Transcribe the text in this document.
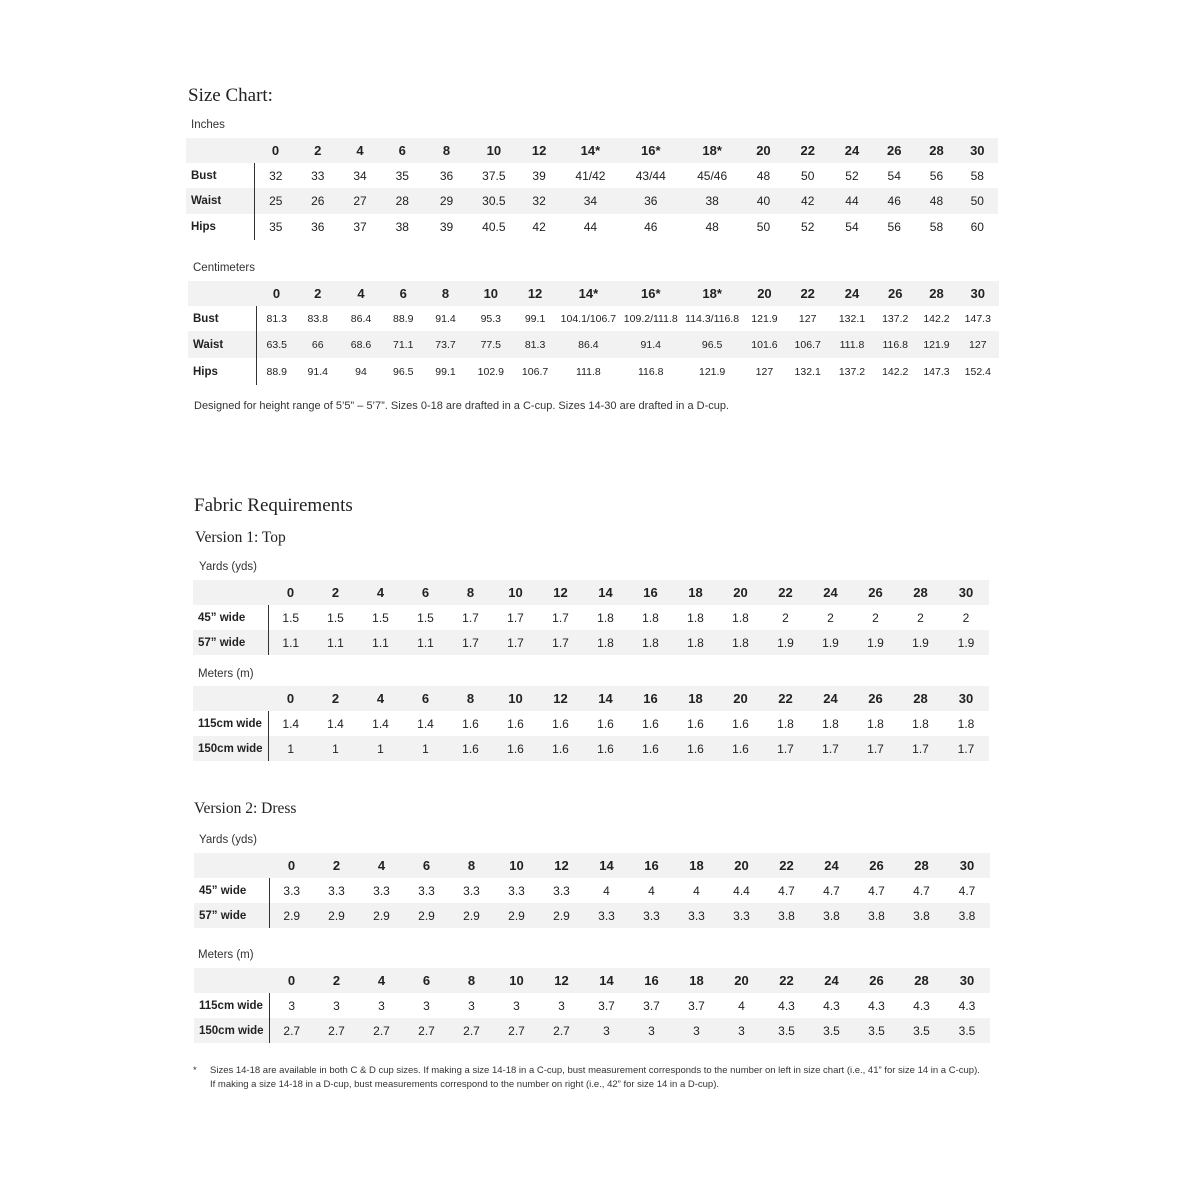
Size Chart:
Inches
	0	2	4	6	8	10	12	14*	16*	18*	20	22	24	26	28	30
Bust	32	33	34	35	36	37.5	39	41/42	43/44	45/46	48	50	52	54	56	58
Waist	25	26	27	28	29	30.5	32	34	36	38	40	42	44	46	48	50
Hips	35	36	37	38	39	40.5	42	44	46	48	50	52	54	56	58	60
Centimeters
	0	2	4	6	8	10	12	14*	16*	18*	20	22	24	26	28	30
Bust	81.3	83.8	86.4	88.9	91.4	95.3	99.1	104.1/106.7	109.2/111.8	114.3/116.8	121.9	127	132.1	137.2	142.2	147.3
Waist	63.5	66	68.6	71.1	73.7	77.5	81.3	86.4	91.4	96.5	101.6	106.7	111.8	116.8	121.9	127
Hips	88.9	91.4	94	96.5	99.1	102.9	106.7	111.8	116.8	121.9	127	132.1	137.2	142.2	147.3	152.4
Designed for height range of 5’5” – 5’7”. Sizes 0-18 are drafted in a C-cup. Sizes 14-30 are drafted in a D-cup.
Fabric Requirements
Version 1: Top
Yards (yds)
	0	2	4	6	8	10	12	14	16	18	20	22	24	26	28	30
45” wide	1.5	1.5	1.5	1.5	1.7	1.7	1.7	1.8	1.8	1.8	1.8	2	2	2	2	2
57” wide	1.1	1.1	1.1	1.1	1.7	1.7	1.7	1.8	1.8	1.8	1.8	1.9	1.9	1.9	1.9	1.9
Meters (m)
	0	2	4	6	8	10	12	14	16	18	20	22	24	26	28	30
115cm wide	1.4	1.4	1.4	1.4	1.6	1.6	1.6	1.6	1.6	1.6	1.6	1.8	1.8	1.8	1.8	1.8
150cm wide	1	1	1	1	1.6	1.6	1.6	1.6	1.6	1.6	1.6	1.7	1.7	1.7	1.7	1.7
Version 2: Dress
Yards (yds)
	0	2	4	6	8	10	12	14	16	18	20	22	24	26	28	30
45” wide	3.3	3.3	3.3	3.3	3.3	3.3	3.3	4	4	4	4.4	4.7	4.7	4.7	4.7	4.7
57” wide	2.9	2.9	2.9	2.9	2.9	2.9	2.9	3.3	3.3	3.3	3.3	3.8	3.8	3.8	3.8	3.8
Meters (m)
	0	2	4	6	8	10	12	14	16	18	20	22	24	26	28	30
115cm wide	3	3	3	3	3	3	3	3.7	3.7	3.7	4	4.3	4.3	4.3	4.3	4.3
150cm wide	2.7	2.7	2.7	2.7	2.7	2.7	2.7	3	3	3	3	3.5	3.5	3.5	3.5	3.5
* Sizes 14-18 are available in both C & D cup sizes. If making a size 14-18 in a C-cup, bust measurement corresponds to the number on left in size chart (i.e., 41” for size 14 in a C-cup).
If making a size 14-18 in a D-cup, bust measurements correspond to the number on right (i.e., 42” for size 14 in a D-cup).
